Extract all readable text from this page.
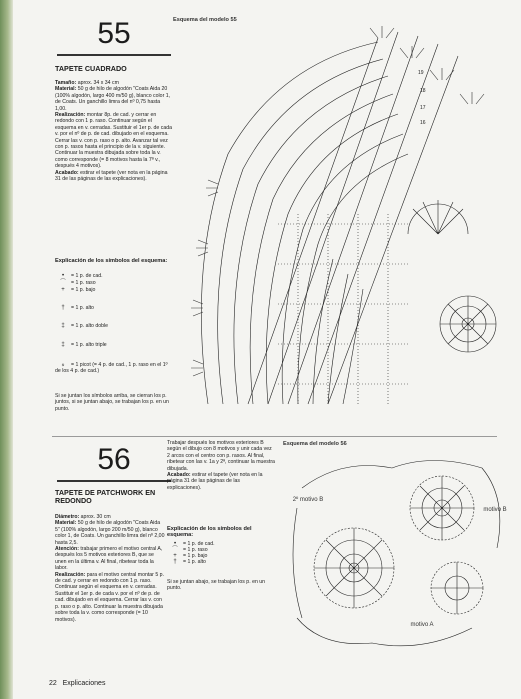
55
TAPETE CUADRADO
Tamaño: aprox. 34 x 34 cm
Material: 50 g de hilo de algodón "Coats Aida 20 (100% algodón, largo 400 m/50 g), blanco color 1, de Coats. Un ganchillo limra del nº 0,75 hasta 1,00.
Realización: montar 8p. de cad. y cerrar en redondo con 1 p. raso. Continuar según el esquema en v. cerradas. Sustituir el 1er p. de cada v. por el nº de p. de cad. dibujado en el esquema. Cerrar las v. con p. raso o p. alto. Avanzar tal vez con p. rasos hasta el principio de la v. siguiente. Continuar la muestra dibujada sobre toda la v. como corresponde (= 8 motivos hasta la 7ª v., después 4 motivos).
Acabado: estirar el tapete (ver nota en la página 31 de las páginas de las explicaciones).
Explicación de los símbolos del esquema:
• = 1 p. de cad.
⌒ = 1 p. raso
+ = 1 p. bajo
† = 1 p. alto
‡ = 1 p. alto doble
‡ = 1 p. alto triple
ℴ = 1 picot (= 4 p. de cad., 1 p. raso en el 1º de los 4 p. de cad.)
Si se juntan los símbolos arriba, se cierran los p. juntos, si se juntan abajo, se trabajan los p. en un punto.
Esquema del modelo 55
19
18
17
16
56
TAPETE DE PATCHWORK EN REDONDO
Diámetro: aprox. 30 cm
Material: 50 g de hilo de algodón "Coats Aida 5" (100% algodón, largo 200 m/50 g), blanco color 1, de Coats. Un ganchillo limra del nº 2,00 hasta 2,5.
Atención: trabajar primero el motivo central A, después los 5 motivos exteriores B, que se unen en la última v. Al final, ribetear toda la labor.
Realización: para el motivo central montar 5 p. de cad. y cerrar en redondo con 1 p. raso. Continuar según el esquema en v. cerradas. Sustituir el 1er p. de cada v. por el nº de p. de cad. dibujado en el esquema. Cerrar las v. con p. raso o p. alto. Continuar la muestra dibujada sobre toda la v. como corresponde (= 10 motivos).
Trabajar después los motivos exteriores B según el dibujo con 8 motivos y unir cada vez 2 arcos con el centro con p. rasos. Al final, ribetear con las v. 1a y 2ª, continuar la muestra dibujada.
Acabado: estirar el tapete (ver nota en la página 31 de las páginas de las explicaciones).
Explicación de los símbolos del esquema:
• = 1 p. de cad.
⌒ = 1 p. raso
+ = 1 p. bajo
† = 1 p. alto
Si se juntan abajo, se trabajan los p. en un punto.
Esquema del modelo 56
2º motivo B
motivo B
motivo A
22 Explicaciones
